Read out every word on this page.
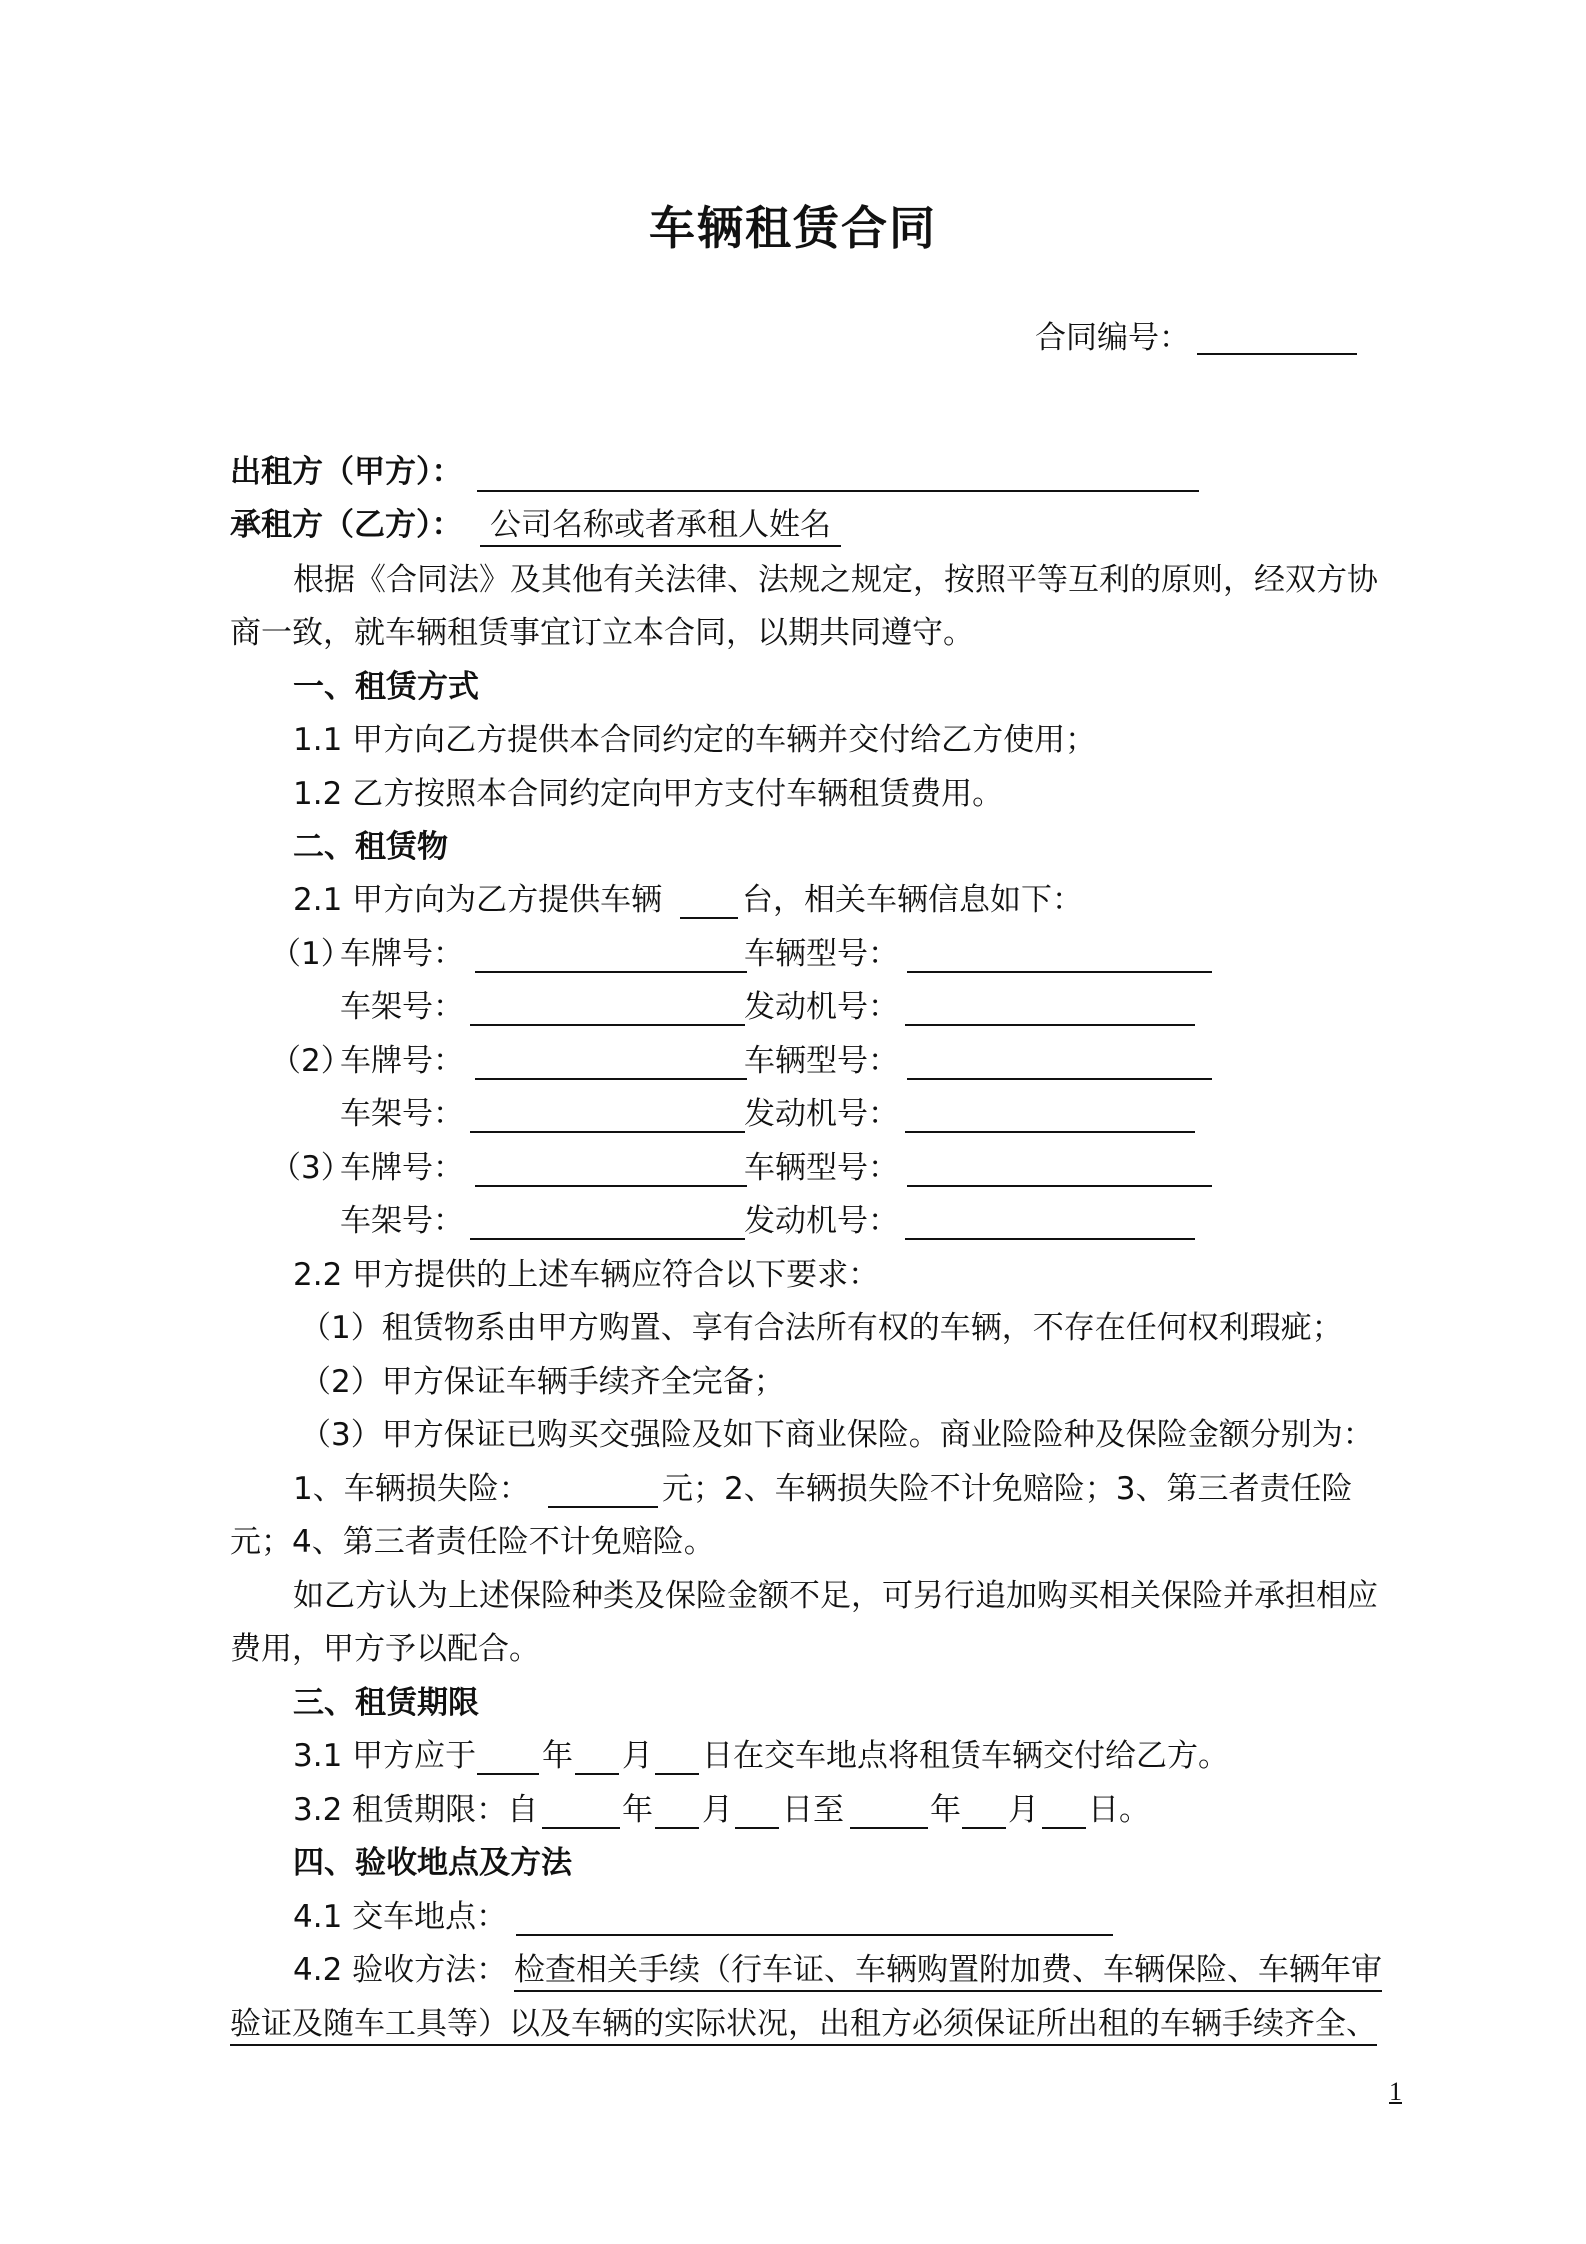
车辆租赁合同
合同编号：
出租方（甲方）：
承租方（乙方）： 公司名称或者承租人姓名
根据《合同法》及其他有关法律、法规之规定，按照平等互利的原则，经双方协
商一致，就车辆租赁事宜订立本合同，以期共同遵守。
一、租赁方式
1.1 甲方向乙方提供本合同约定的车辆并交付给乙方使用；
1.2 乙方按照本合同约定向甲方支付车辆租赁费用。
二、租赁物
2.1 甲方向为乙方提供车辆	台，相关车辆信息如下：
（1）
车牌号：	车辆型号：
车架号：	发动机号：
（2）
车牌号：	车辆型号：
车架号：	发动机号：
（3）
车牌号：	车辆型号：
车架号：	发动机号：
2.2 甲方提供的上述车辆应符合以下要求：
（1）租赁物系由甲方购置、享有合法所有权的车辆，不存在任何权利瑕疵；
（2）甲方保证车辆手续齐全完备；
（3）甲方保证已购买交强险及如下商业保险。商业险险种及保险金额分别为：
1、车辆损失险：	元；2、车辆损失险不计免赔险；3、第三者责任险
元；4、第三者责任险不计免赔险。
如乙方认为上述保险种类及保险金额不足，可另行追加购买相关保险并承担相应
费用，甲方予以配合。
三、租赁期限
3.1 甲方应于 年 月 日在交车地点将租赁车辆交付给乙方。
3.2 租赁期限：自	年 月 日至	年 月 日。
四、验收地点及方法
4.1 交车地点：
4.2 验收方法： 检查相关手续（行车证、车辆购置附加费、车辆保险、车辆年审
验证及随车工具等）以及车辆的实际状况，出租方必须保证所出租的车辆手续齐全、
1
